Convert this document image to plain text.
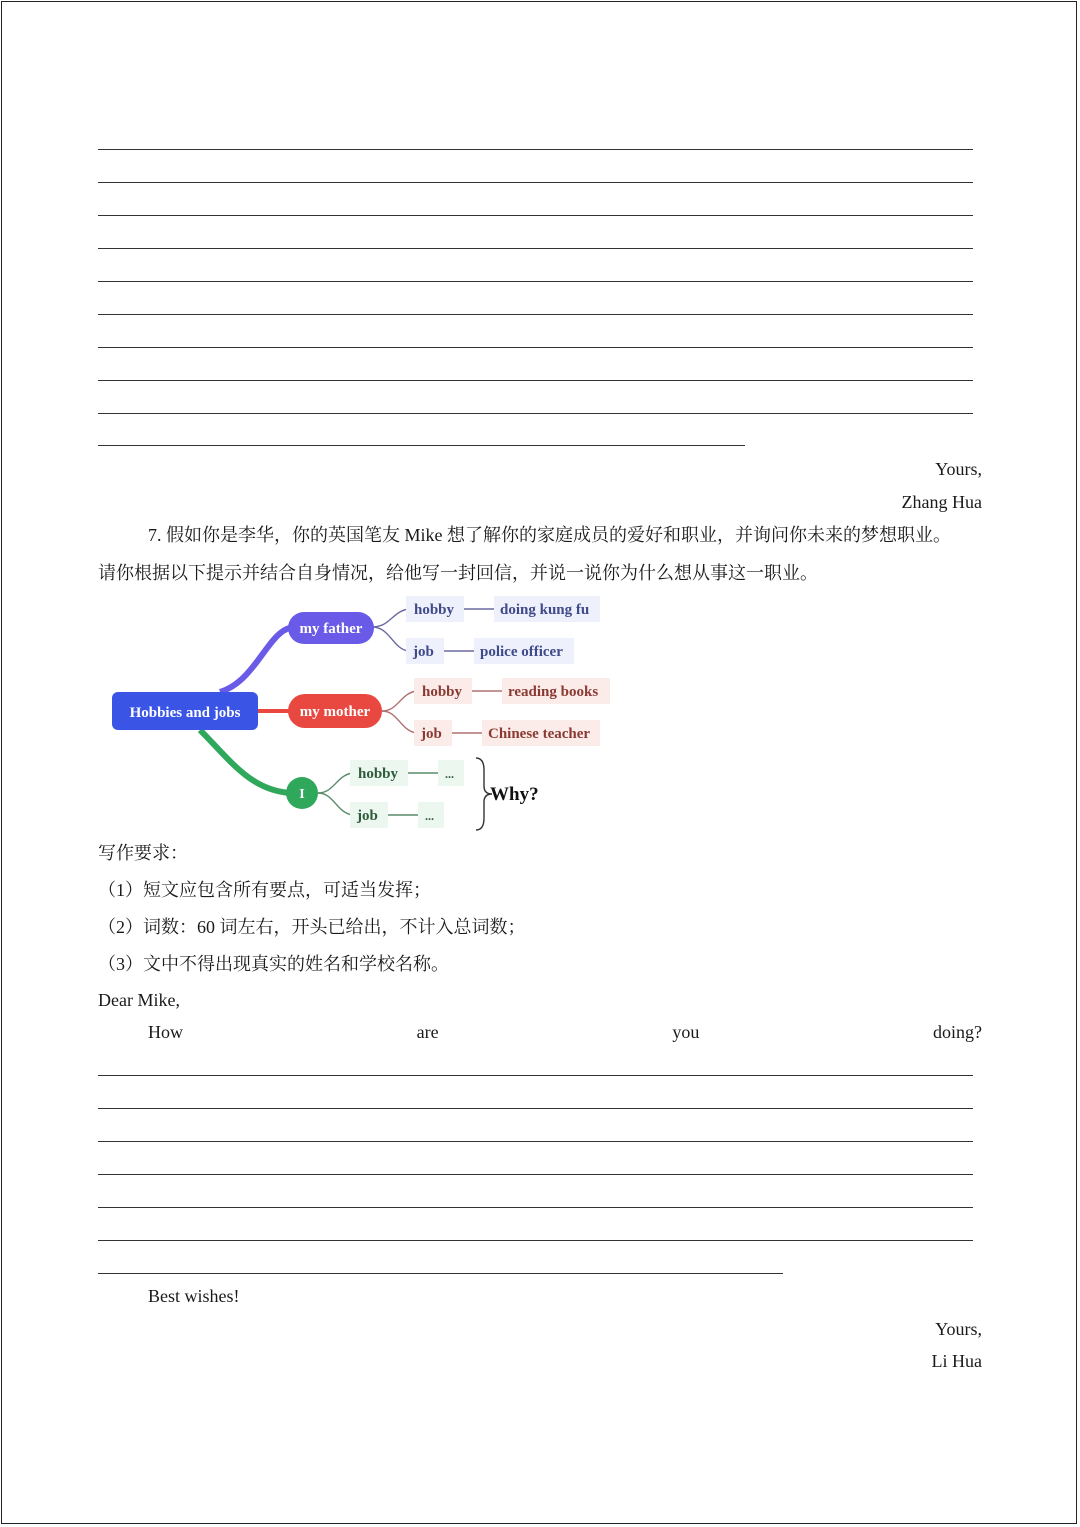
Yours,
Zhang Hua
7. 假如你是李华，你的英国笔友 Mike 想了解你的家庭成员的爱好和职业，并询问你未来的梦想职业。
请你根据以下提示并结合自身情况，给他写一封回信，并说一说你为什么想从事这一职业。
Hobbies and jobs
my father
hobby	doing kung fu
job	police officer
my mother
hobby	reading books
job	Chinese teacher
I
hobby	...
job	...
Why?
写作要求：
（1）短文应包含所有要点，可适当发挥；
（2）词数：60 词左右，开头已给出，不计入总词数；
（3）文中不得出现真实的姓名和学校名称。
Dear Mike,
How	are	you	doing?
Best wishes!
Yours,
Li Hua
